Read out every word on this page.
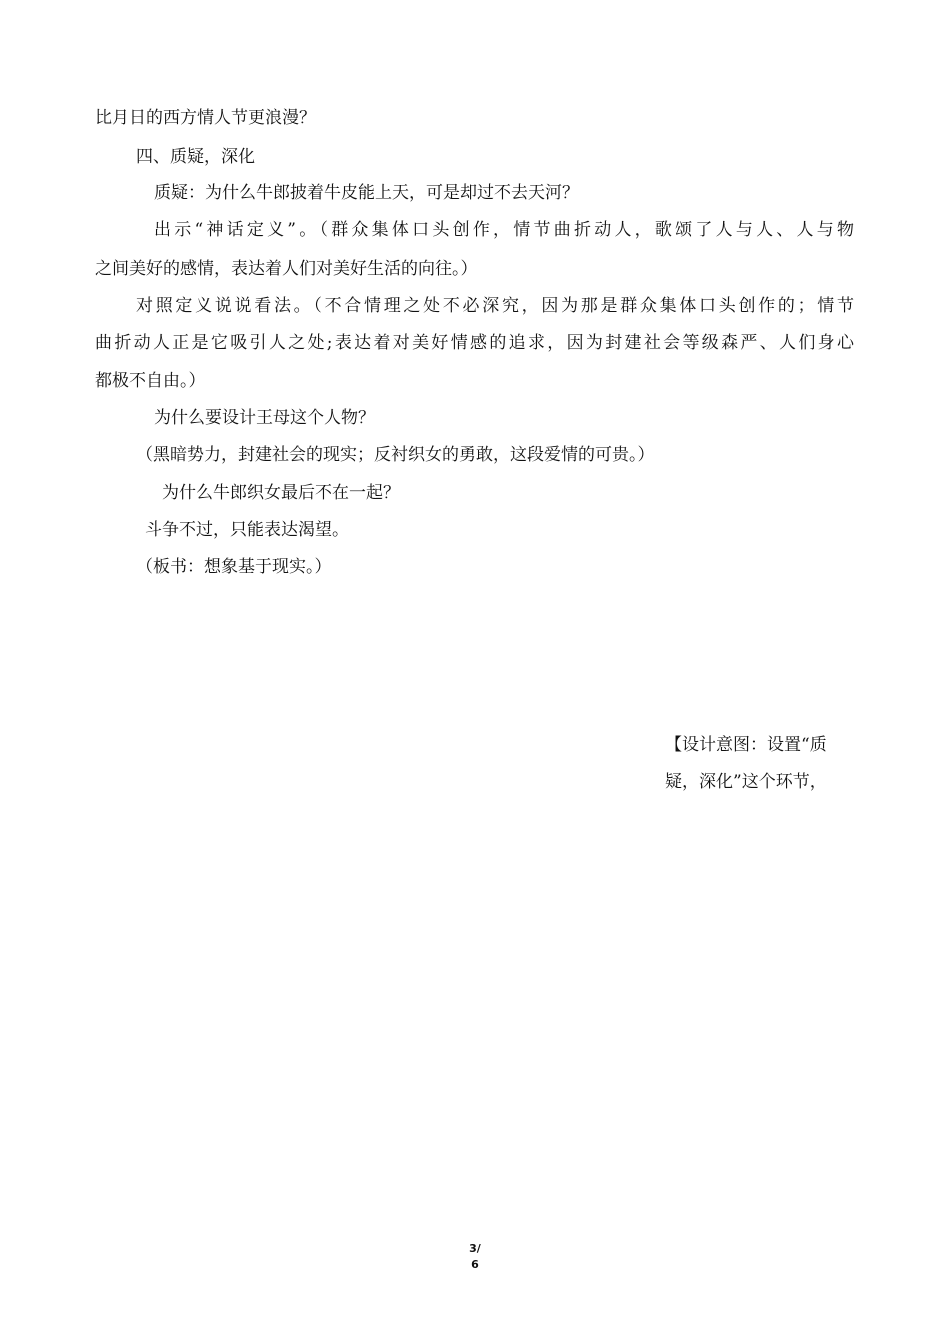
比月日的西方情人节更浪漫？
四、质疑，深化
质疑：为什么牛郎披着牛皮能上天，可是却过不去天河？
出示“神话定义”。（群众集体口头创作，情节曲折动人，歌颂了人与人、人与物
之间美好的感情，表达着人们对美好生活的向往。）
对照定义说说看法。（不合情理之处不必深究，因为那是群众集体口头创作的；情节
曲折动人正是它吸引人之处;表达着对美好情感的追求，因为封建社会等级森严、人们身心
都极不自由。）
为什么要设计王母这个人物？
（黑暗势力，封建社会的现实；反衬织女的勇敢，这段爱情的可贵。）
为什么牛郎织女最后不在一起？
斗争不过，只能表达渴望。
（板书：想象基于现实。）
【设计意图：设置“质
疑，深化”这个环节，
3/
6
